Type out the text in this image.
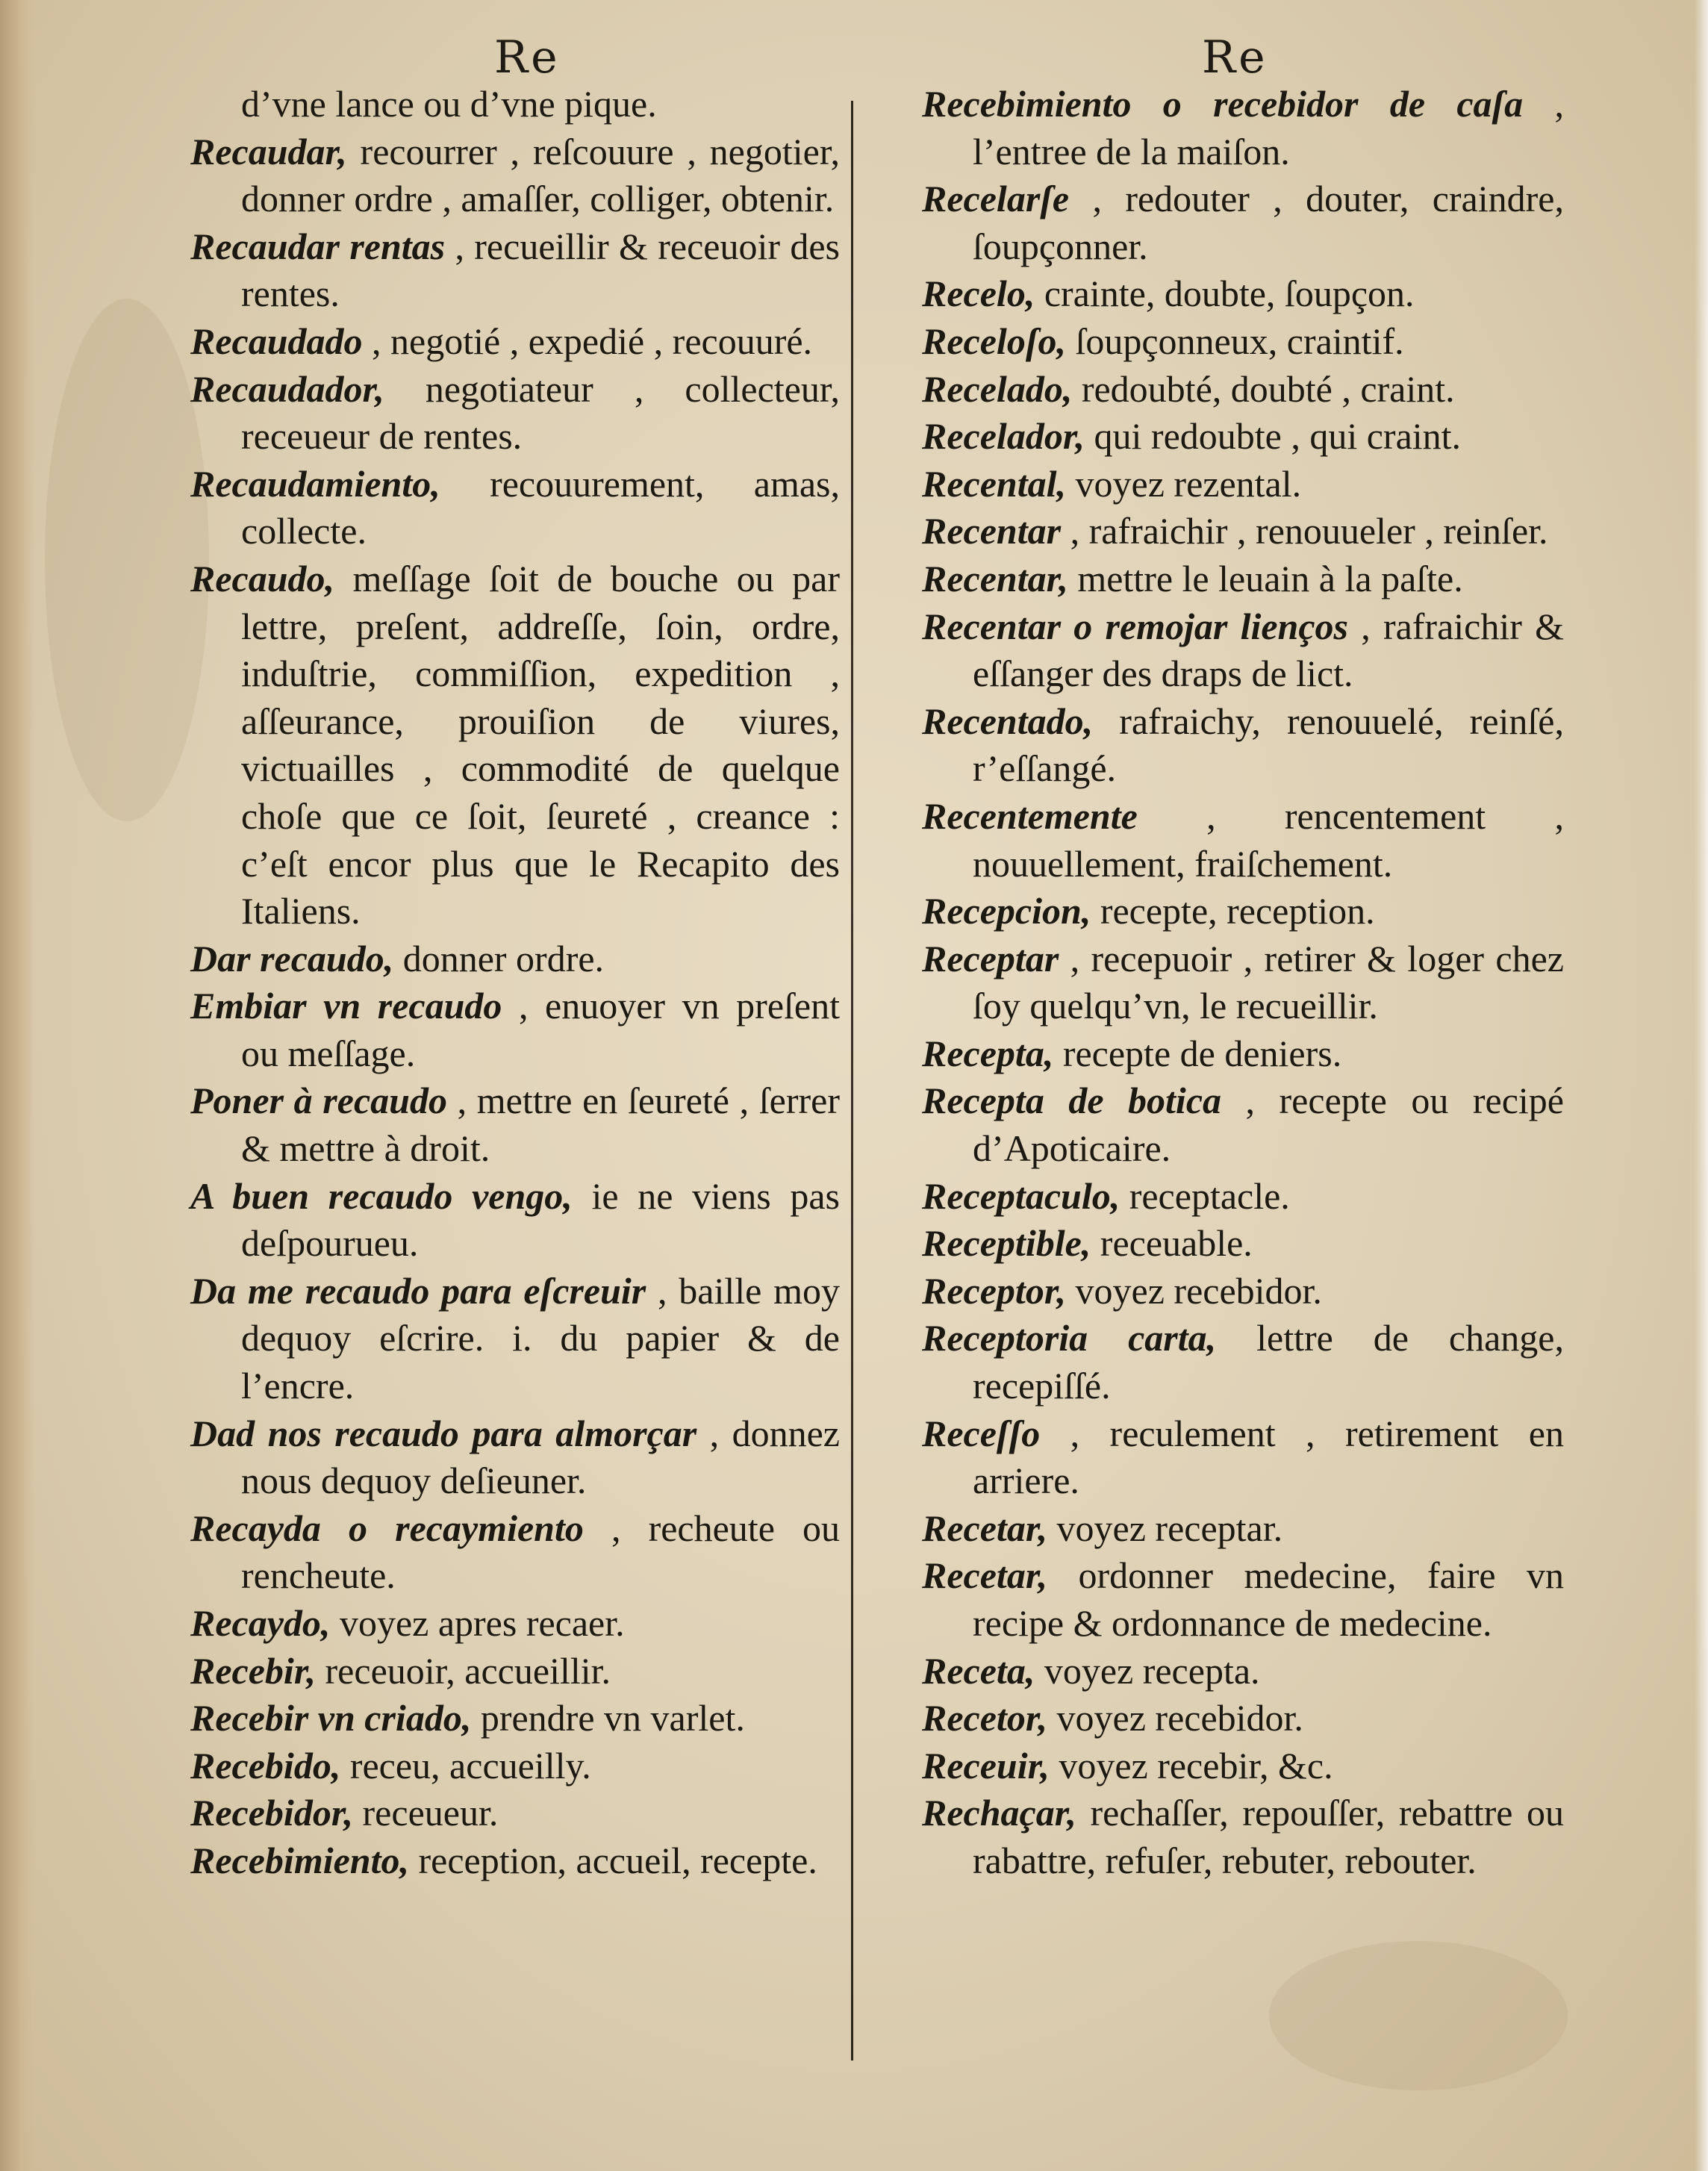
Re	Re

d’vne lance ou d’vne pique.

Recaudar, recourrer , reſcouure , negotier, donner ordre , amaſſer, colliger, obtenir.

Recaudar rentas , recueillir & receuoir des rentes.

Recaudado , negotié , expedié , recouuré.

Recaudador, negotiateur , collecteur, receueur de rentes.

Recaudamiento, recouurement, amas, collecte.

Recaudo, meſſage ſoit de bouche ou par lettre, preſent, addreſſe, ſoin, ordre, induſtrie, commiſſion, expedition , aſſeurance, prouiſion de viures, victuailles , commodité de quelque choſe que ce ſoit, ſeureté , creance : c’eſt encor plus que le Recapito des Italiens.

Dar recaudo, donner ordre.

Embiar vn recaudo , enuoyer vn preſent ou meſſage.

Poner à recaudo , mettre en ſeureté , ſerrer & mettre à droit.

A buen recaudo vengo, ie ne viens pas deſpourueu.

Da me recaudo para eſcreuir , baille moy dequoy eſcrire. i. du papier & de l’encre.

Dad nos recaudo para almorçar , donnez nous dequoy deſieuner.

Recayda o recaymiento , recheute ou rencheute.

Recaydo, voyez apres recaer.

Recebir, receuoir, accueillir.

Recebir vn criado, prendre vn varlet.

Recebido, receu, accueilly.

Recebidor, receueur.

Recebimiento, reception, accueil, recepte.

Recebimiento o recebidor de caſa , l’entree de la maiſon.

Recelarſe , redouter , douter, craindre, ſoupçonner.

Recelo, crainte, doubte, ſoupçon.

Receloſo, ſoupçonneux, craintif.

Recelado, redoubté, doubté , craint.

Recelador, qui redoubte , qui craint.

Recental, voyez rezental.

Recentar , rafraichir , renouueler , reinſer.

Recentar, mettre le leuain à la paſte.

Recentar o remojar lienços , rafraichir & eſſanger des draps de lict.

Recentado, rafraichy, renouuelé, reinſé, r’eſſangé.

Recentemente , rencentement , nouuellement, fraiſchement.

Recepcion, recepte, reception.

Receptar , recepuoir , retirer & loger chez ſoy quelqu’vn, le recueillir.

Recepta, recepte de deniers.

Recepta de botica , recepte ou recipé d’Apoticaire.

Receptaculo, receptacle.

Receptible, receuable.

Receptor, voyez recebidor.

Receptoria carta, lettre de change, recepiſſé.

Receſſo , reculement , retirement en arriere.

Recetar, voyez receptar.

Recetar, ordonner medecine, faire vn recipe & ordonnance de medecine.

Receta, voyez recepta.

Recetor, voyez recebidor.

Receuir, voyez recebir, &c.

Rechaçar, rechaſſer, repouſſer, rebattre ou rabattre, refuſer, rebuter, rebouter.
